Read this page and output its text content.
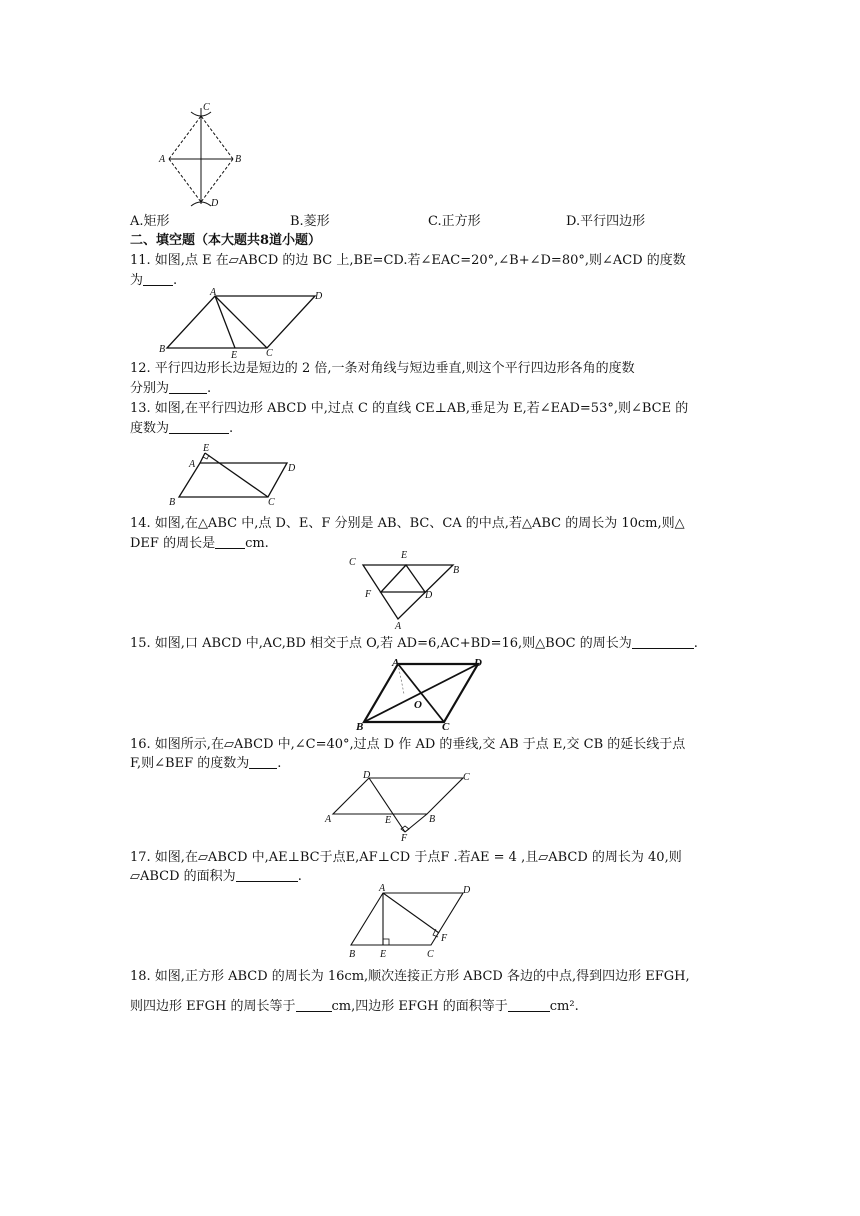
C
A	B
D
A.矩形	B.菱形	C.正方形	D.平行四边形
二、填空题（本大题共8道小题）
11. 如图,点 E 在▱ABCD 的边 BC 上,BE=CD.若∠EAC=20°,∠B+∠D=80°,则∠ACD 的度数
为 .
A	D
B
E	C
12. 平行四边形长边是短边的 2 倍,一条对角线与短边垂直,则这个平行四边形各角的度数
分别为	.
13. 如图,在平行四边形 ABCD 中,过点 C 的直线 CE⊥AB,垂足为 E,若∠EAD=53°,则∠BCE 的
度数为	.
E
A	D
B	C
14. 如图,在△ABC 中,点 D、E、F 分别是 AB、BC、CA 的中点,若△ABC 的周长为 10cm,则△
DEF 的周长是 cm.
C
E
B
F	D
A
15. 如图,口 ABCD 中,AC,BD 相交于点 O,若 AD=6,AC+BD=16,则△BOC 的周长为	.
A	D
B	C
O
16. 如图所示,在▱ABCD 中,∠C=40°,过点 D 作 AD 的垂线,交 AB 于点 E,交 CB 的延长线于点
F,则∠BEF 的度数为 .
D	C
A	E	B
F
17. 如图,在▱ABCD 中,AE⊥BC于点E,AF⊥CD 于点F .若AE = 4 ,且▱ABCD 的周长为 40,则
▱ABCD 的面积为	.
A	D
B E	C
F
18. 如图,正方形 ABCD 的周长为 16cm,顺次连接正方形 ABCD 各边的中点,得到四边形 EFGH,
则四边形 EFGH 的周长等于	cm,四边形 EFGH 的面积等于	cm².
